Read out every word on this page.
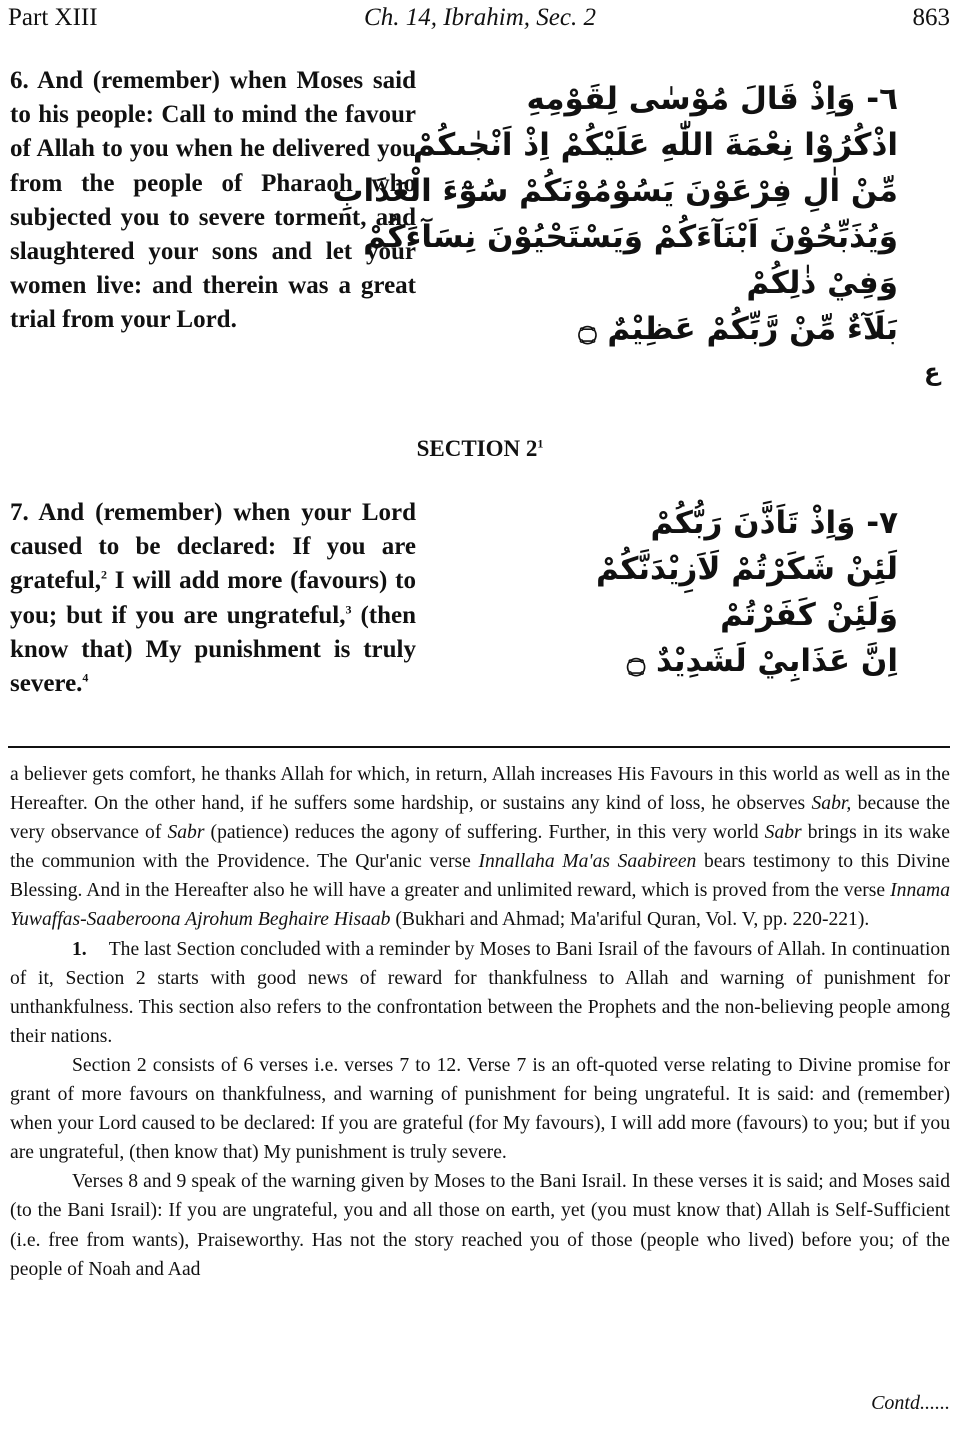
Part XIII	Ch. 14, Ibrahim, Sec. 2	863
6. And (remember) when Moses said to his people: Call to mind the favour of Allah to you when he delivered you from the people of Pharaoh who subjected you to severe torment, and slaughtered your sons and let your women live: and therein was a great trial from your Lord.
٦- وَاِذْ قَالَ مُوْسٰى لِقَوْمِهِ
اذْكُرُوْا نِعْمَةَ اللّٰهِ عَلَيْكُمْ اِذْ اَنْجٰىكُمْ
مِّنْ اٰلِ فِرْعَوْنَ يَسُوْمُوْنَكُمْ سُوْٓءَ الْعَذَابِ
وَيُذَبِّحُوْنَ اَبْنَآءَكُمْ وَيَسْتَحْيُوْنَ نِسَآءَكُمْ
وَفِيْ ذٰلِكُمْ
بَلَآءٌ مِّنْ رَّبِّكُمْ عَظِيْمٌ ۝
ع
SECTION $2^1$
7. And (remember) when your Lord caused to be declared: If you are grateful,$^2$ I will add more (favours) to you; but if you are ungrateful,$^3$ (then know that) My punishment is truly severe.$^4$
٧- وَاِذْ تَاَذَّنَ رَبُّكُمْ
لَئِنْ شَكَرْتُمْ لَاَزِيْدَنَّكُمْ
وَلَئِنْ كَفَرْتُمْ
اِنَّ عَذَابِيْ لَشَدِيْدٌ ۝

a believer gets comfort, he thanks Allah for which, in return, Allah increases His Favours in this world as well as in the Hereafter. On the other hand, if he suffers some hardship, or sustains any kind of loss, he observes Sabr, because the very observance of Sabr (patience) reduces the agony of suffering. Further, in this very world Sabr brings in its wake the communion with the Providence. The Qur'anic verse Innallaha Ma'as Saabireen bears testimony to this Divine Blessing. And in the Hereafter also he will have a greater and unlimited reward, which is proved from the verse Innama Yuwaffas-Saaberoona Ajrohum Beghaire Hisaab (Bukhari and Ahmad; Ma'ariful Quran, Vol. V, pp. 220-221).

1. The last Section concluded with a reminder by Moses to Bani Israil of the favours of Allah. In continuation of it, Section 2 starts with good news of reward for thankfulness to Allah and warning of punishment for unthankfulness. This section also refers to the confrontation between the Prophets and the non-believing people among their nations.

Section 2 consists of 6 verses i.e. verses 7 to 12. Verse 7 is an oft-quoted verse relating to Divine promise for grant of more favours on thankfulness, and warning of punishment for being ungrateful. It is said: and (remember) when your Lord caused to be declared: If you are grateful (for My favours), I will add more (favours) to you; but if you are ungrateful, (then know that) My punishment is truly severe.

Verses 8 and 9 speak of the warning given by Moses to the Bani Israil. In these verses it is said; and Moses said (to the Bani Israil): If you are ungrateful, you and all those on earth, yet (you must know that) Allah is Self-Sufficient (i.e. free from wants), Praiseworthy. Has not the story reached you of those (people who lived) before you; of the people of Noah and Aad

Contd......
